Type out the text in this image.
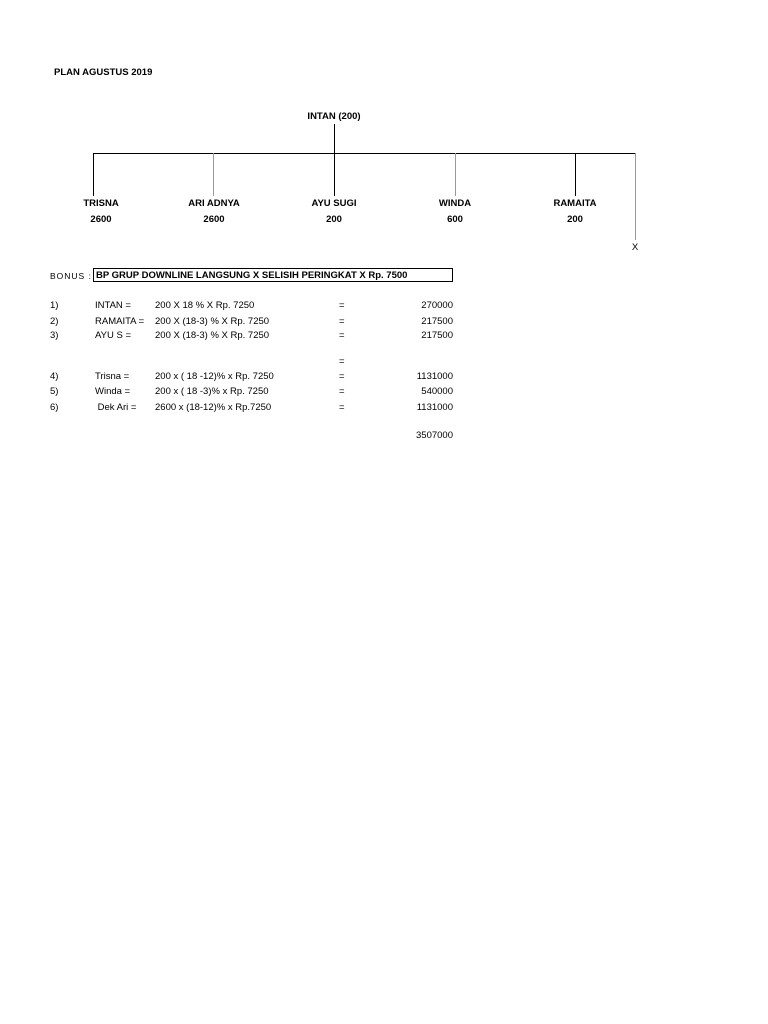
PLAN AGUSTUS 2019
INTAN (200)
TRISNA
2600
ARI ADNYA
2600
AYU SUGI
200
WINDA
600
RAMAITA
200
X
BONUS : BP GRUP DOWNLINE LANGSUNG X SELISIH PERINGKAT X Rp. 7500
1)	INTAN =	200 X 18 % X Rp. 7250	=	270000
2)	RAMAITA = 200 X (18-3) % X Rp. 7250	=	217500
3)	AYU S =	200 X (18-3) % X Rp. 7250	=	217500
=
4)	Trisna =	200 x ( 18 -12)% x Rp. 7250	=	1131000
5)	Winda =	200 x ( 18 -3)% x Rp. 7250	=	540000
6)	Dek Ari = 2600 x (18-12)% x Rp.7250	=	1131000
3507000
